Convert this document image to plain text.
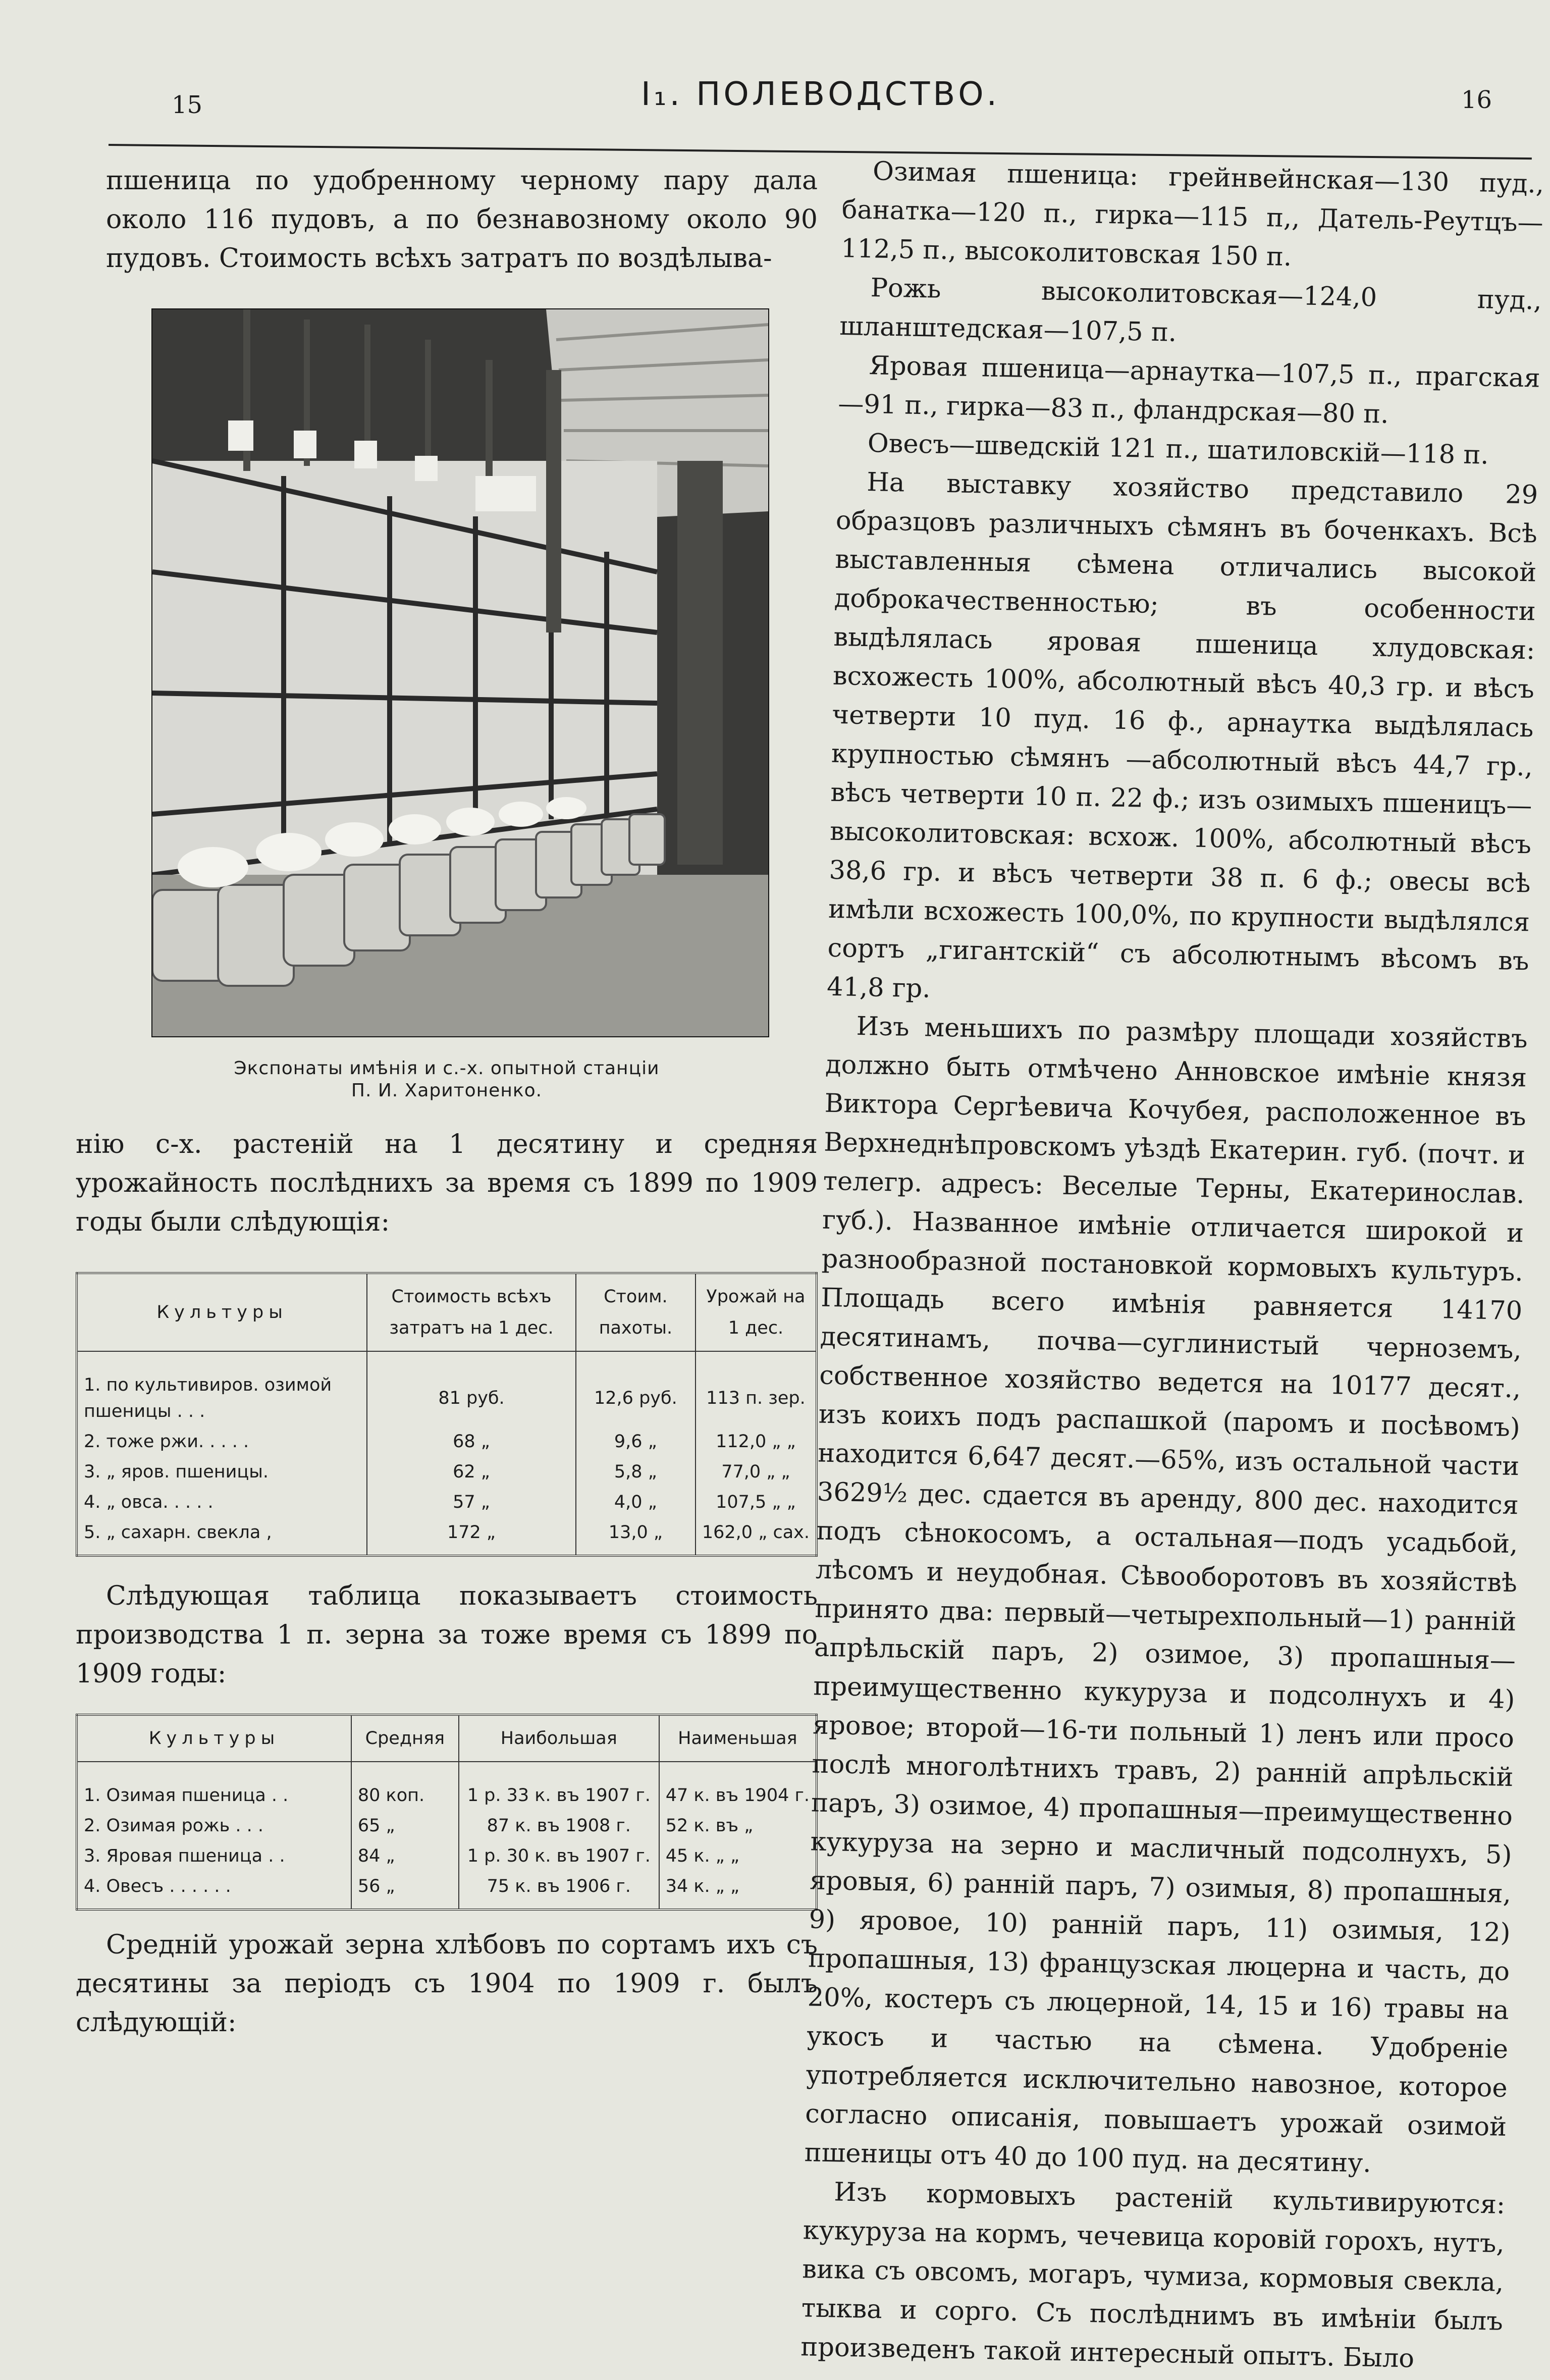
15	I₁. ПОЛЕВОДСТВО.	16

пшеница по удобренному черному пару дала около 116 пудовъ, а по безнавозному около 90 пудовъ. Стоимость всѣхъ затратъ по воздѣлыва-

Экспонаты имѣнія и с.-х. опытной станціи
П. И. Харитоненко.

нію с-х. растеній на 1 десятину и средняя урожайность послѣднихъ за время съ 1899 по 1909 годы были слѣдующія:

Культуры	Стоимость всѣхъ затратъ на 1 дес.	Стоим. пахоты.	Урожай на 1 дес.
1. по культивиров. озимой пшеницы . . .	81 руб.	12,6 руб.	113 п. зер.
2. тоже ржи. . . . .	68 „	9,6 „	112,0 „ „
3. „ яров. пшеницы.	62 „	5,8 „	77,0 „ „
4. „ овса. . . . .	57 „	4,0 „	107,5 „ „
5. „ сахарн. свекла ,	172 „	13,0 „	162,0 „ сах.

Слѣдующая таблица показываетъ стоимость производства 1 п. зерна за тоже время съ 1899 по 1909 годы:

Культуры	Средняя	Наибольшая	Наименьшая
1. Озимая пшеница . .	80 коп.	1 р. 33 к. въ 1907 г.	47 к. въ 1904 г.
2. Озимая рожь . . .	65 „	87 к. въ 1908 г.	52 к. въ „
3. Яровая пшеница . .	84 „	1 р. 30 к. въ 1907 г.	45 к. „ „
4. Овесъ . . . . . .	56 „	75 к. въ 1906 г.	34 к. „ „

Среднiй урожай зерна хлѣбовъ по сортамъ ихъ съ десятины за періодъ съ 1904 по 1909 г. былъ слѣдующiй:

Озимая пшеница: грейнвейнская—130 пуд., банатка—120 п., гирка—115 п,, Датель-Реутцъ—112,5 п., высоколитовская 150 п.

Рожь высоколитовская—124,0 пуд., шланштедская—107,5 п.

Яровая пшеница—арнаутка—107,5 п., прагская—91 п., гирка—83 п., фландрская—80 п.

Овесъ—шведскій 121 п., шатиловскій—118 п.

На выставку хозяйство представило 29 образцовъ различныхъ сѣмянъ въ боченкахъ. Всѣ выставленныя сѣмена отличались высокой доброкачественностью; въ особенности выдѣлялась яровая пшеница хлудовская: всхожесть 100%, абсолютный вѣсъ 40,3 гр. и вѣсъ четверти 10 пуд. 16 ф., арнаутка выдѣлялась крупностью сѣмянъ —абсолютный вѣсъ 44,7 гр., вѣсъ четверти 10 п. 22 ф.; изъ озимыхъ пшеницъ—высоколитовская: всхож. 100%, абсолютный вѣсъ 38,6 гр. и вѣсъ четверти 38 п. 6 ф.; овесы всѣ имѣли всхожесть 100,0%, по крупности выдѣлялся сортъ „гигантскій“ съ абсолютнымъ вѣсомъ въ 41,8 гр.

Изъ меньшихъ по размѣру площади хозяйствъ должно быть отмѣчено Анновское имѣніе князя Виктора Сергѣевича Кочубея, расположенное въ Верхнеднѣпровскомъ уѣздѣ Екатерин. губ. (почт. и телегр. адресъ: Веселые Терны, Екатеринослав. губ.). Названное имѣніе отличается широкой и разнообразной постановкой кормовыхъ культуръ. Площадь всего имѣнія равняется 14170 десятинамъ, почва—суглинистый черноземъ, собственное хозяйство ведется на 10177 десят., изъ коихъ подъ распашкой (паромъ и посѣвомъ) находится 6,647 десят.—65%, изъ остальной части 3629½ дес. сдается въ аренду, 800 дес. находится подъ сѣнокосомъ, а остальная—подъ усадьбой, лѣсомъ и неудобная. Сѣвооборотовъ въ хозяйствѣ принято два: первый—четырехпольный—1) раннiй апрѣльскій паръ, 2) озимое, 3) пропашныя—преимущественно кукуруза и подсолнухъ и 4) яровое; второй—16-ти польный 1) ленъ или просо послѣ многолѣтнихъ травъ, 2) ранній апрѣльскій паръ, 3) озимое, 4) пропашныя—преимущественно кукуруза на зерно и масличный подсолнухъ, 5) яровыя, 6) ранній паръ, 7) озимыя, 8) пропашныя, 9) яровое, 10) ранній паръ, 11) озимыя, 12) пропашныя, 13) французская люцерна и часть, до 20%, костеръ съ люцерной, 14, 15 и 16) травы на укосъ и частью на сѣмена. Удобреніе употребляется исключительно навозное, которое согласно описанія, повышаетъ урожай озимой пшеницы отъ 40 до 100 пуд. на десятину.

Изъ кормовыхъ растеній культивируются: кукуруза на кормъ, чечевица коровій горохъ, нутъ, вика съ овсомъ, могаръ, чумиза, кормовыя свекла, тыква и сорго. Съ послѣднимъ въ имѣніи былъ произведенъ такой интересный опытъ. Было
